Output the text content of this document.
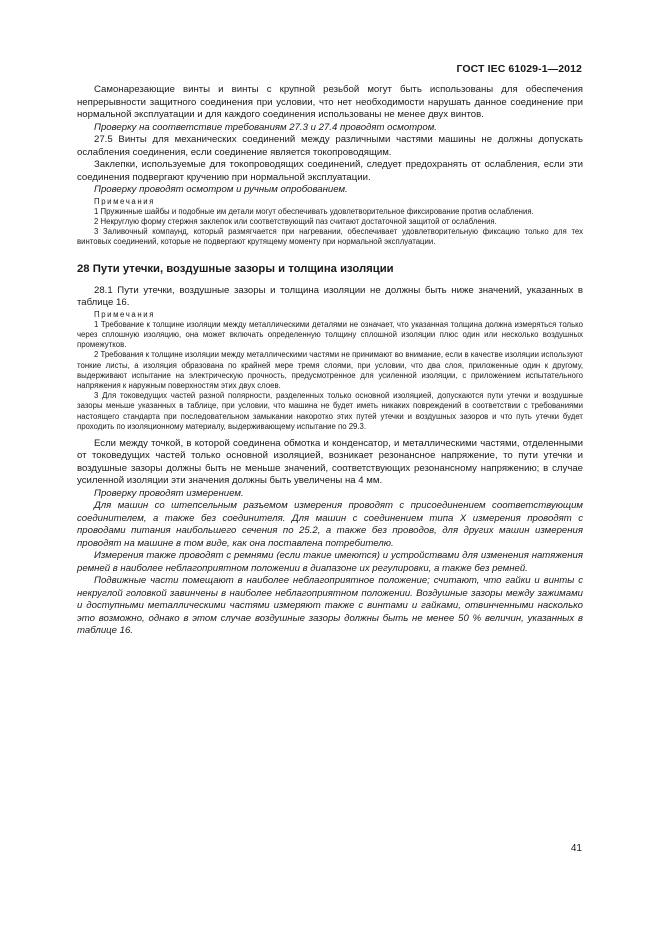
ГОСТ IEC 61029-1—2012

Самонарезающие винты и винты с крупной резьбой могут быть использованы для обеспечения непрерывности защитного соединения при условии, что нет необходимости нарушать данное соединение при нормальной эксплуатации и для каждого соединения использованы не менее двух винтов.

Проверку на соответствие требованиям 27.3 и 27.4 проводят осмотром.

27.5 Винты для механических соединений между различными частями машины не должны допускать ослабления соединения, если соединение является токопроводящим.

Заклепки, используемые для токопроводящих соединений, следует предохранять от ослабления, если эти соединения подвергают кручению при нормальной эксплуатации.

Проверку проводят осмотром и ручным опробованием.

Примечания

1 Пружинные шайбы и подобные им детали могут обеспечивать удовлетворительное фиксирование против ослабления.

2 Некруглую форму стержня заклепок или соответствующий паз считают достаточной защитой от ослабления.

3 Заливочный компаунд, который размягчается при нагревании, обеспечивает удовлетворительную фиксацию только для тех винтовых соединений, которые не подвергают крутящему моменту при нормальной эксплуатации.

28 Пути утечки, воздушные зазоры и толщина изоляции

28.1 Пути утечки, воздушные зазоры и толщина изоляции не должны быть ниже значений, указанных в таблице 16.

Примечания

1 Требование к толщине изоляции между металлическими деталями не означает, что указанная толщина должна измеряться только через сплошную изоляцию, она может включать определенную толщину сплошной изоляции плюс один или несколько воздушных промежутков.

2 Требования к толщине изоляции между металлическими частями не принимают во внимание, если в качестве изоляции используют тонкие листы, а изоляция образована по крайней мере тремя слоями, при условии, что два слоя, приложенные один к другому, выдерживают испытание на электрическую прочность, предусмотренное для усиленной изоляции, с приложением испытательного напряжения к наружным поверхностям этих двух слоев.

3 Для токоведущих частей разной полярности, разделенных только основной изоляцией, допускаются пути утечки и воздушные зазоры меньше указанных в таблице, при условии, что машина не будет иметь никаких повреждений в соответствии с требованиями настоящего стандарта при последовательном замыкании накоротко этих путей утечки и воздушных зазоров и что путь утечки будет проходить по изоляционному материалу, выдерживающему испытание по 29.3.

Если между точкой, в которой соединена обмотка и конденсатор, и металлическими частями, отделенными от токоведущих частей только основной изоляцией, возникает резонансное напряжение, то пути утечки и воздушные зазоры должны быть не меньше значений, соответствующих резонансному напряжению; в случае усиленной изоляции эти значения должны быть увеличены на 4 мм.

Проверку проводят измерением.

Для машин со штепсельным разъемом измерения проводят с присоединением соответствующим соединителем, а также без соединителя. Для машин с соединением типа X измерения проводят с проводами питания наибольшего сечения по 25.2, а также без проводов, для других машин измерения проводят на машине в том виде, как она поставлена потребителю.

Измерения также проводят с ремнями (если такие имеются) и устройствами для изменения натяжения ремней в наиболее неблагоприятном положении в диапазоне их регулировки, а также без ремней.

Подвижные части помещают в наиболее неблагоприятное положение; считают, что гайки и винты с некруглой головкой завинчены в наиболее неблагоприятном положении. Воздушные зазоры между зажимами и доступными металлическими частями измеряют также с винтами и гайками, отвинченными насколько это возможно, однако в этом случае воздушные зазоры должны быть не менее 50 % величин, указанных в таблице 16.

41
